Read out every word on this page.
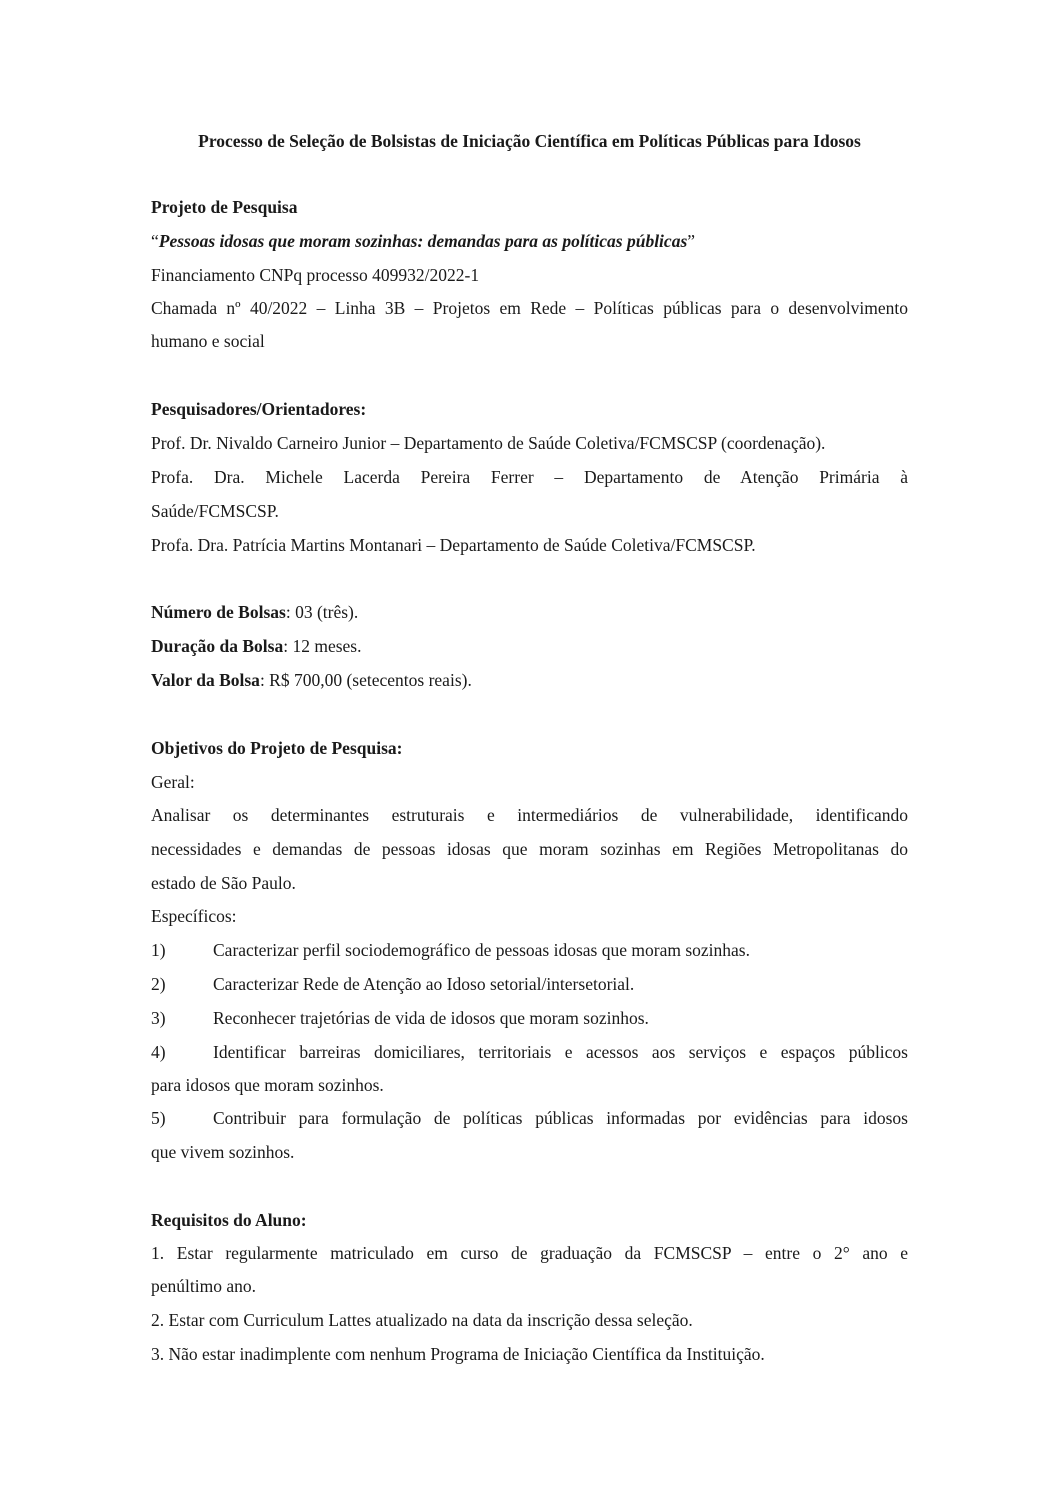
Processo de Seleção de Bolsistas de Iniciação Científica em Políticas Públicas para Idosos
Projeto de Pesquisa
“Pessoas idosas que moram sozinhas: demandas para as políticas públicas”
Financiamento CNPq processo 409932/2022-1
Chamada nº 40/2022 – Linha 3B – Projetos em Rede – Políticas públicas para o desenvolvimento
humano e social
Pesquisadores/Orientadores:
Prof. Dr. Nivaldo Carneiro Junior – Departamento de Saúde Coletiva/FCMSCSP (coordenação).
Profa. Dra. Michele Lacerda Pereira Ferrer – Departamento de Atenção Primária à
Saúde/FCMSCSP.
Profa. Dra. Patrícia Martins Montanari – Departamento de Saúde Coletiva/FCMSCSP.
Número de Bolsas: 03 (três).
Duração da Bolsa: 12 meses.
Valor da Bolsa: R$ 700,00 (setecentos reais).
Objetivos do Projeto de Pesquisa:
Geral:
Analisar os determinantes estruturais e intermediários de vulnerabilidade, identificando
necessidades e demandas de pessoas idosas que moram sozinhas em Regiões Metropolitanas do
estado de São Paulo.
Específicos:
1)	Caracterizar perfil sociodemográfico de pessoas idosas que moram sozinhas.
2)	Caracterizar Rede de Atenção ao Idoso setorial/intersetorial.
3)	Reconhecer trajetórias de vida de idosos que moram sozinhos.
4)	Identificar barreiras domiciliares, territoriais e acessos aos serviços e espaços públicos
para idosos que moram sozinhos.
5)	Contribuir para formulação de políticas públicas informadas por evidências para idosos
que vivem sozinhos.
Requisitos do Aluno:
1. Estar regularmente matriculado em curso de graduação da FCMSCSP – entre o 2° ano e
penúltimo ano.
2. Estar com Curriculum Lattes atualizado na data da inscrição dessa seleção.
3. Não estar inadimplente com nenhum Programa de Iniciação Científica da Instituição.
